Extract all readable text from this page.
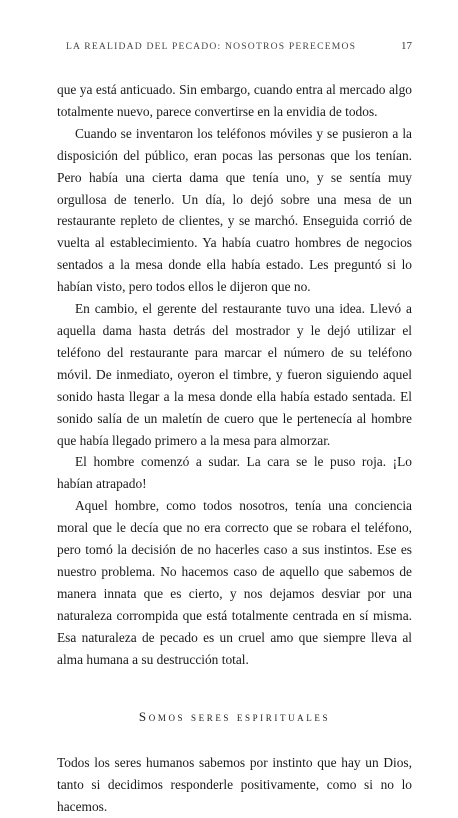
LA REALIDAD DEL PECADO: NOSOTROS PERECEMOS	17

que ya está anticuado. Sin embargo, cuando entra al mercado algo totalmente nuevo, parece convertirse en la envidia de todos.

Cuando se inventaron los teléfonos móviles y se pusieron a la disposición del público, eran pocas las personas que los tenían. Pero había una cierta dama que tenía uno, y se sentía muy orgullosa de tenerlo. Un día, lo dejó sobre una mesa de un restaurante repleto de clientes, y se marchó. Enseguida corrió de vuelta al establecimiento. Ya había cuatro hombres de negocios sentados a la mesa donde ella había estado. Les preguntó si lo habían visto, pero todos ellos le dijeron que no.

En cambio, el gerente del restaurante tuvo una idea. Llevó a aquella dama hasta detrás del mostrador y le dejó utilizar el teléfono del restaurante para marcar el número de su teléfono móvil. De inmediato, oyeron el timbre, y fueron siguiendo aquel sonido hasta llegar a la mesa donde ella había estado sentada. El sonido salía de un maletín de cuero que le pertenecía al hombre que había llegado primero a la mesa para almorzar.

El hombre comenzó a sudar. La cara se le puso roja. ¡Lo habían atrapado!

Aquel hombre, como todos nosotros, tenía una conciencia moral que le decía que no era correcto que se robara el teléfono, pero tomó la decisión de no hacerles caso a sus instintos. Ese es nuestro problema. No hacemos caso de aquello que sabemos de manera innata que es cierto, y nos dejamos desviar por una naturaleza corrompida que está totalmente centrada en sí misma. Esa naturaleza de pecado es un cruel amo que siempre lleva al alma humana a su destrucción total.

Somos seres espirituales

Todos los seres humanos sabemos por instinto que hay un Dios, tanto si decidimos responderle positivamente, como si no lo hacemos.
